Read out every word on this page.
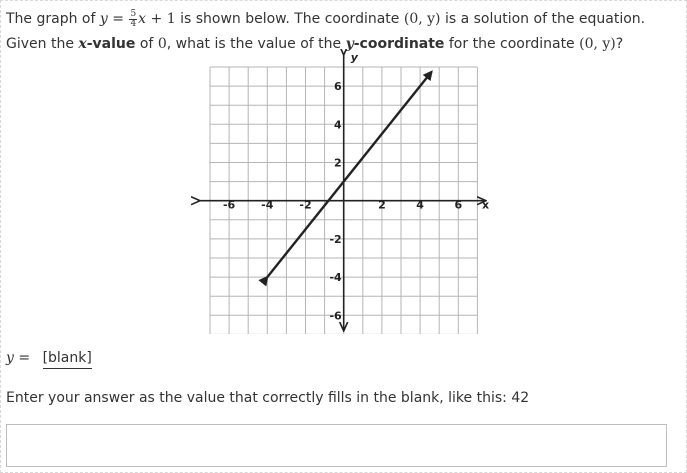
The graph of $y = \frac{5}{4}$ x + 1 is shown below. The coordinate (0, y) is a solution of the equation. Given the x-value of 0, what is the value of the y-coordinate for the coordinate (0, y)?
x
y
-6 -4 -2	2	4	6
6
4
2
-2
-4
-6
y = [blank]
Enter your answer as the value that correctly fills in the blank, like this: 42
